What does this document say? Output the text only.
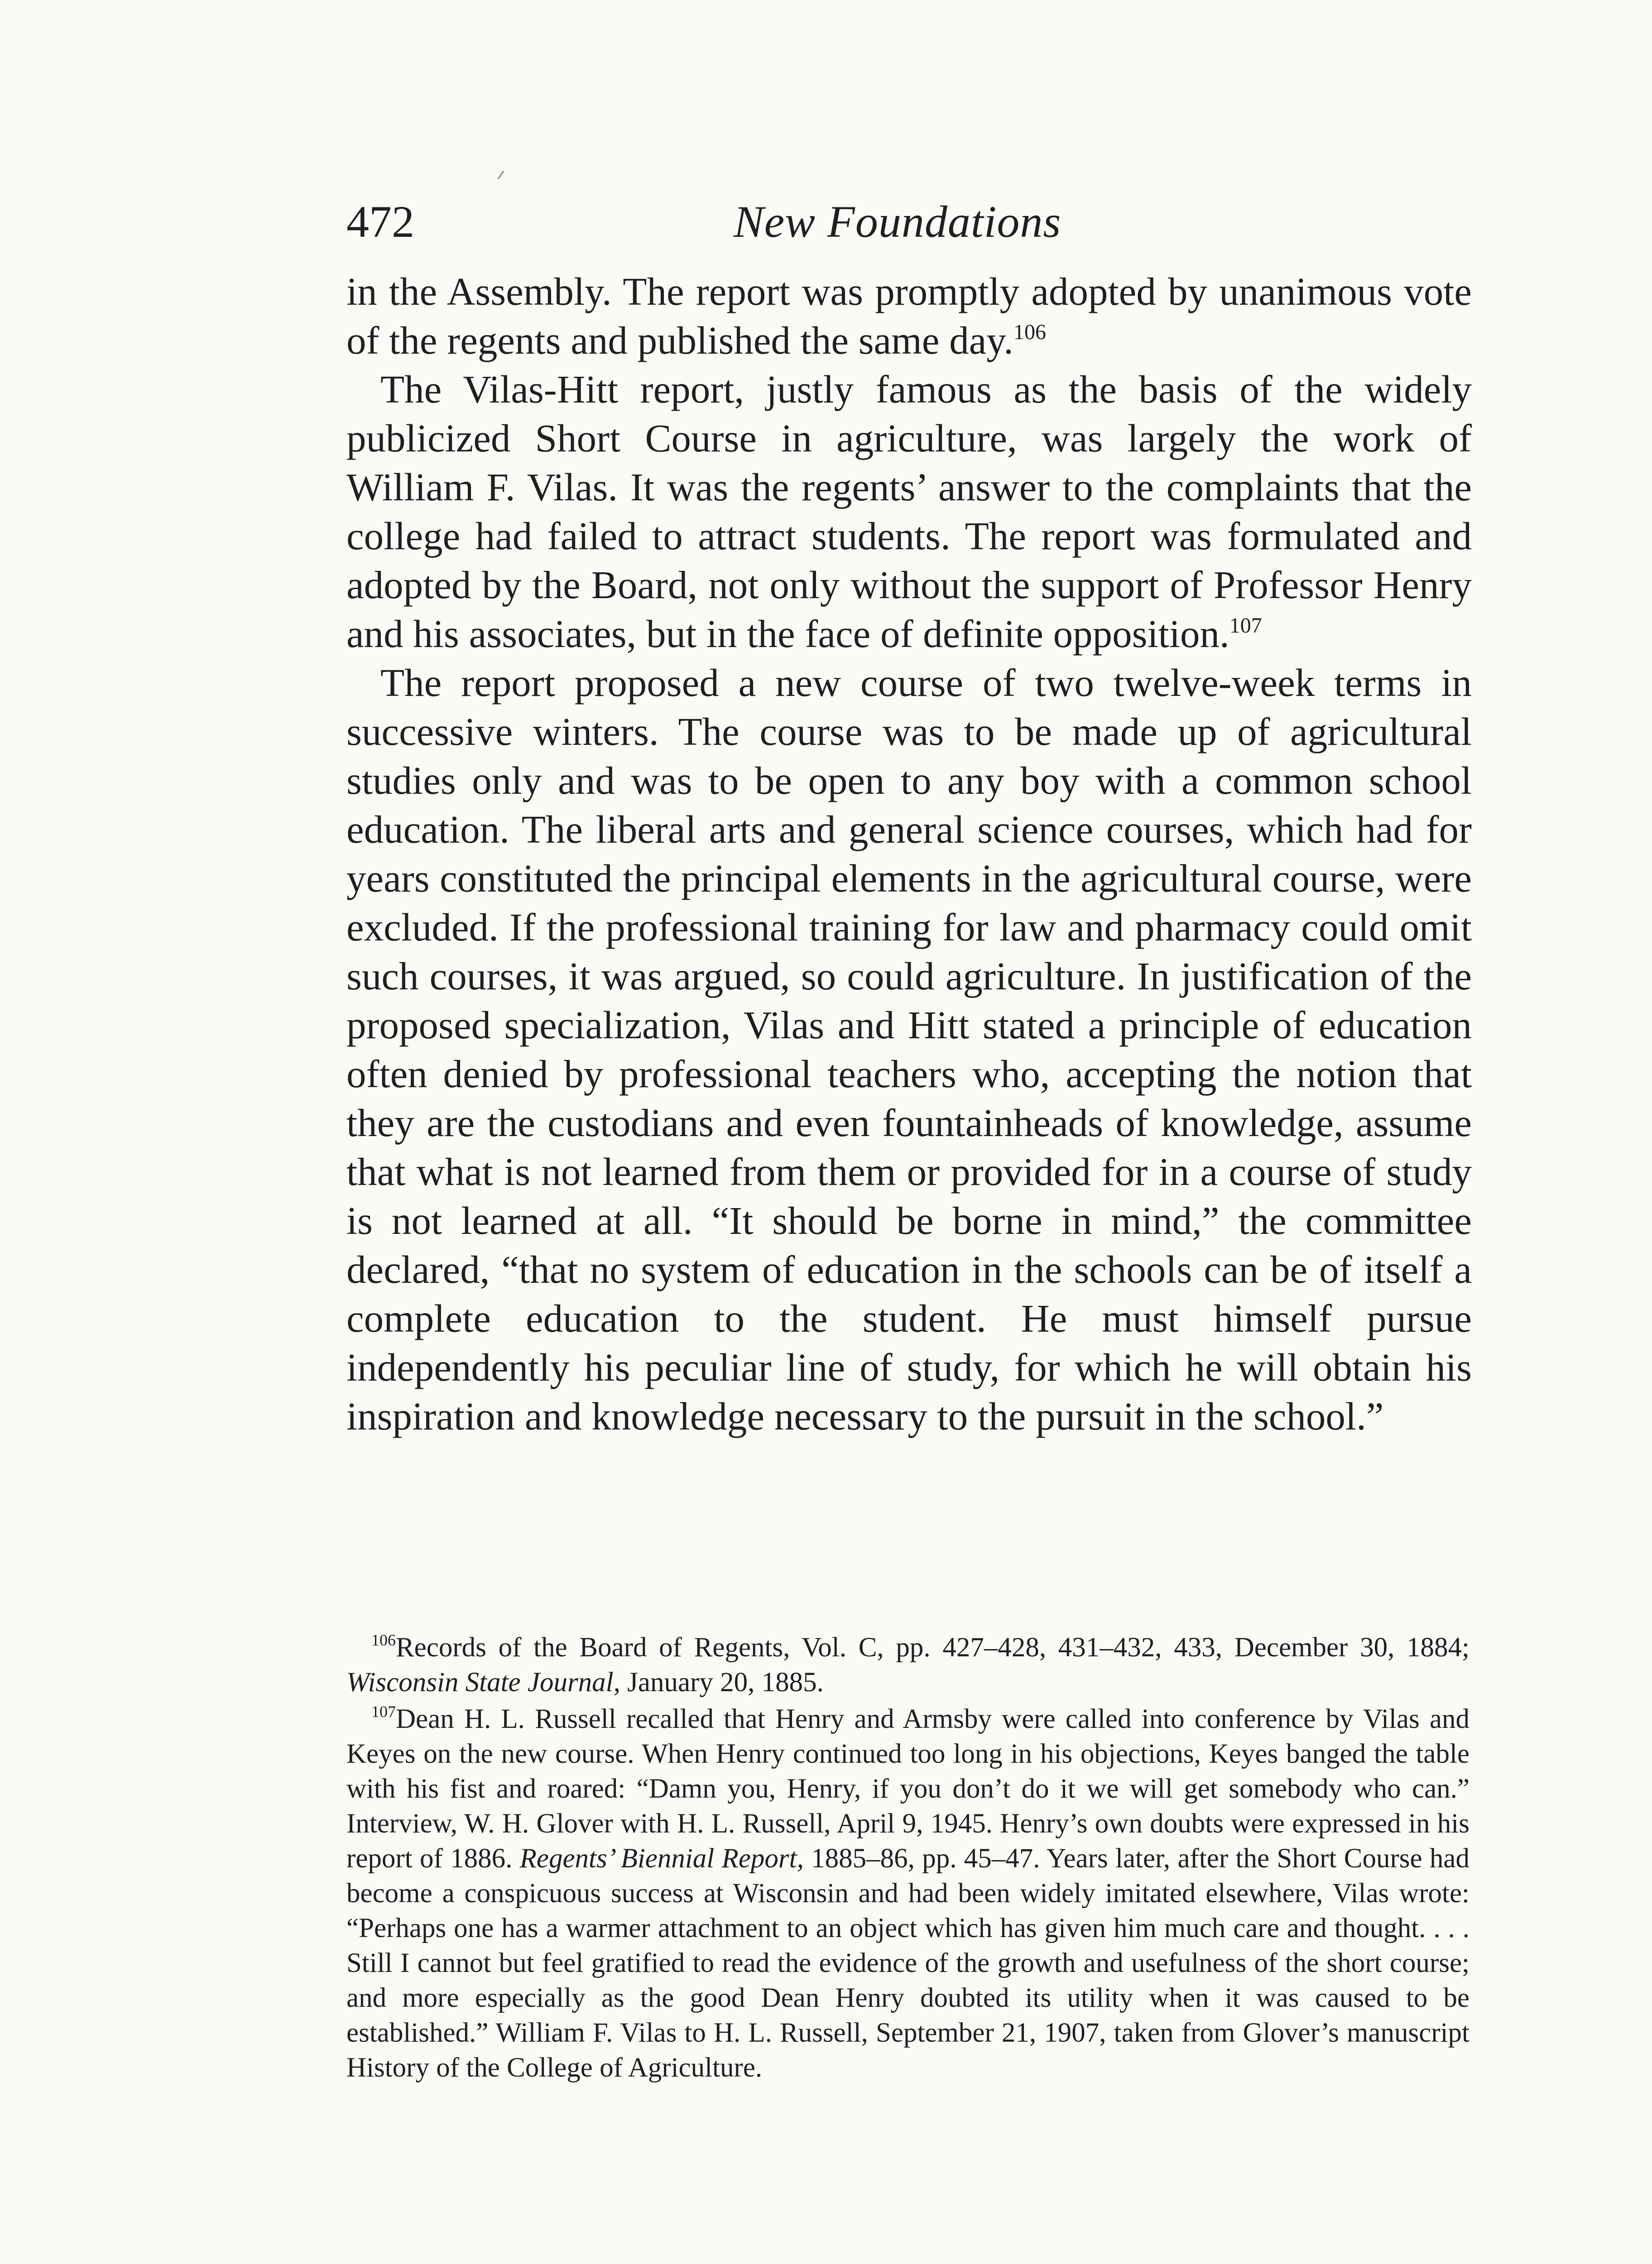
472	New Foundations

in the Assembly. The report was promptly adopted by unanimous vote of the regents and published the same day.$^{106}$

The Vilas-Hitt report, justly famous as the basis of the widely publicized Short Course in agriculture, was largely the work of William F. Vilas. It was the regents’ answer to the complaints that the college had failed to attract students. The report was formulated and adopted by the Board, not only without the support of Professor Henry and his associates, but in the face of definite opposition.$^{107}$

The report proposed a new course of two twelve-week terms in successive winters. The course was to be made up of agricultural studies only and was to be open to any boy with a common school education. The liberal arts and general science courses, which had for years constituted the principal elements in the agricultural course, were excluded. If the professional training for law and pharmacy could omit such courses, it was argued, so could agriculture. In justification of the proposed specialization, Vilas and Hitt stated a principle of education often denied by professional teachers who, accepting the notion that they are the custodians and even fountainheads of knowledge, assume that what is not learned from them or provided for in a course of study is not learned at all. “It should be borne in mind,” the committee declared, “that no system of education in the schools can be of itself a complete education to the student. He must himself pursue independently his peculiar line of study, for which he will obtain his inspiration and knowledge necessary to the pursuit in the school.”

$^{106}$Records of the Board of Regents, Vol. C, pp. 427–428, 431–432, 433, December 30, 1884; Wisconsin State Journal, January 20, 1885.

$^{107}$Dean H. L. Russell recalled that Henry and Armsby were called into conference by Vilas and Keyes on the new course. When Henry continued too long in his objections, Keyes banged the table with his fist and roared: “Damn you, Henry, if you don’t do it we will get somebody who can.” Interview, W. H. Glover with H. L. Russell, April 9, 1945. Henry’s own doubts were expressed in his report of 1886. Regents’ Biennial Report, 1885–86, pp. 45–47. Years later, after the Short Course had become a conspicuous success at Wisconsin and had been widely imitated elsewhere, Vilas wrote: “Perhaps one has a warmer attachment to an object which has given him much care and thought. . . . Still I cannot but feel gratified to read the evidence of the growth and usefulness of the short course; and more especially as the good Dean Henry doubted its utility when it was caused to be established.” William F. Vilas to H. L. Russell, September 21, 1907, taken from Glover’s manuscript History of the College of Agriculture.
